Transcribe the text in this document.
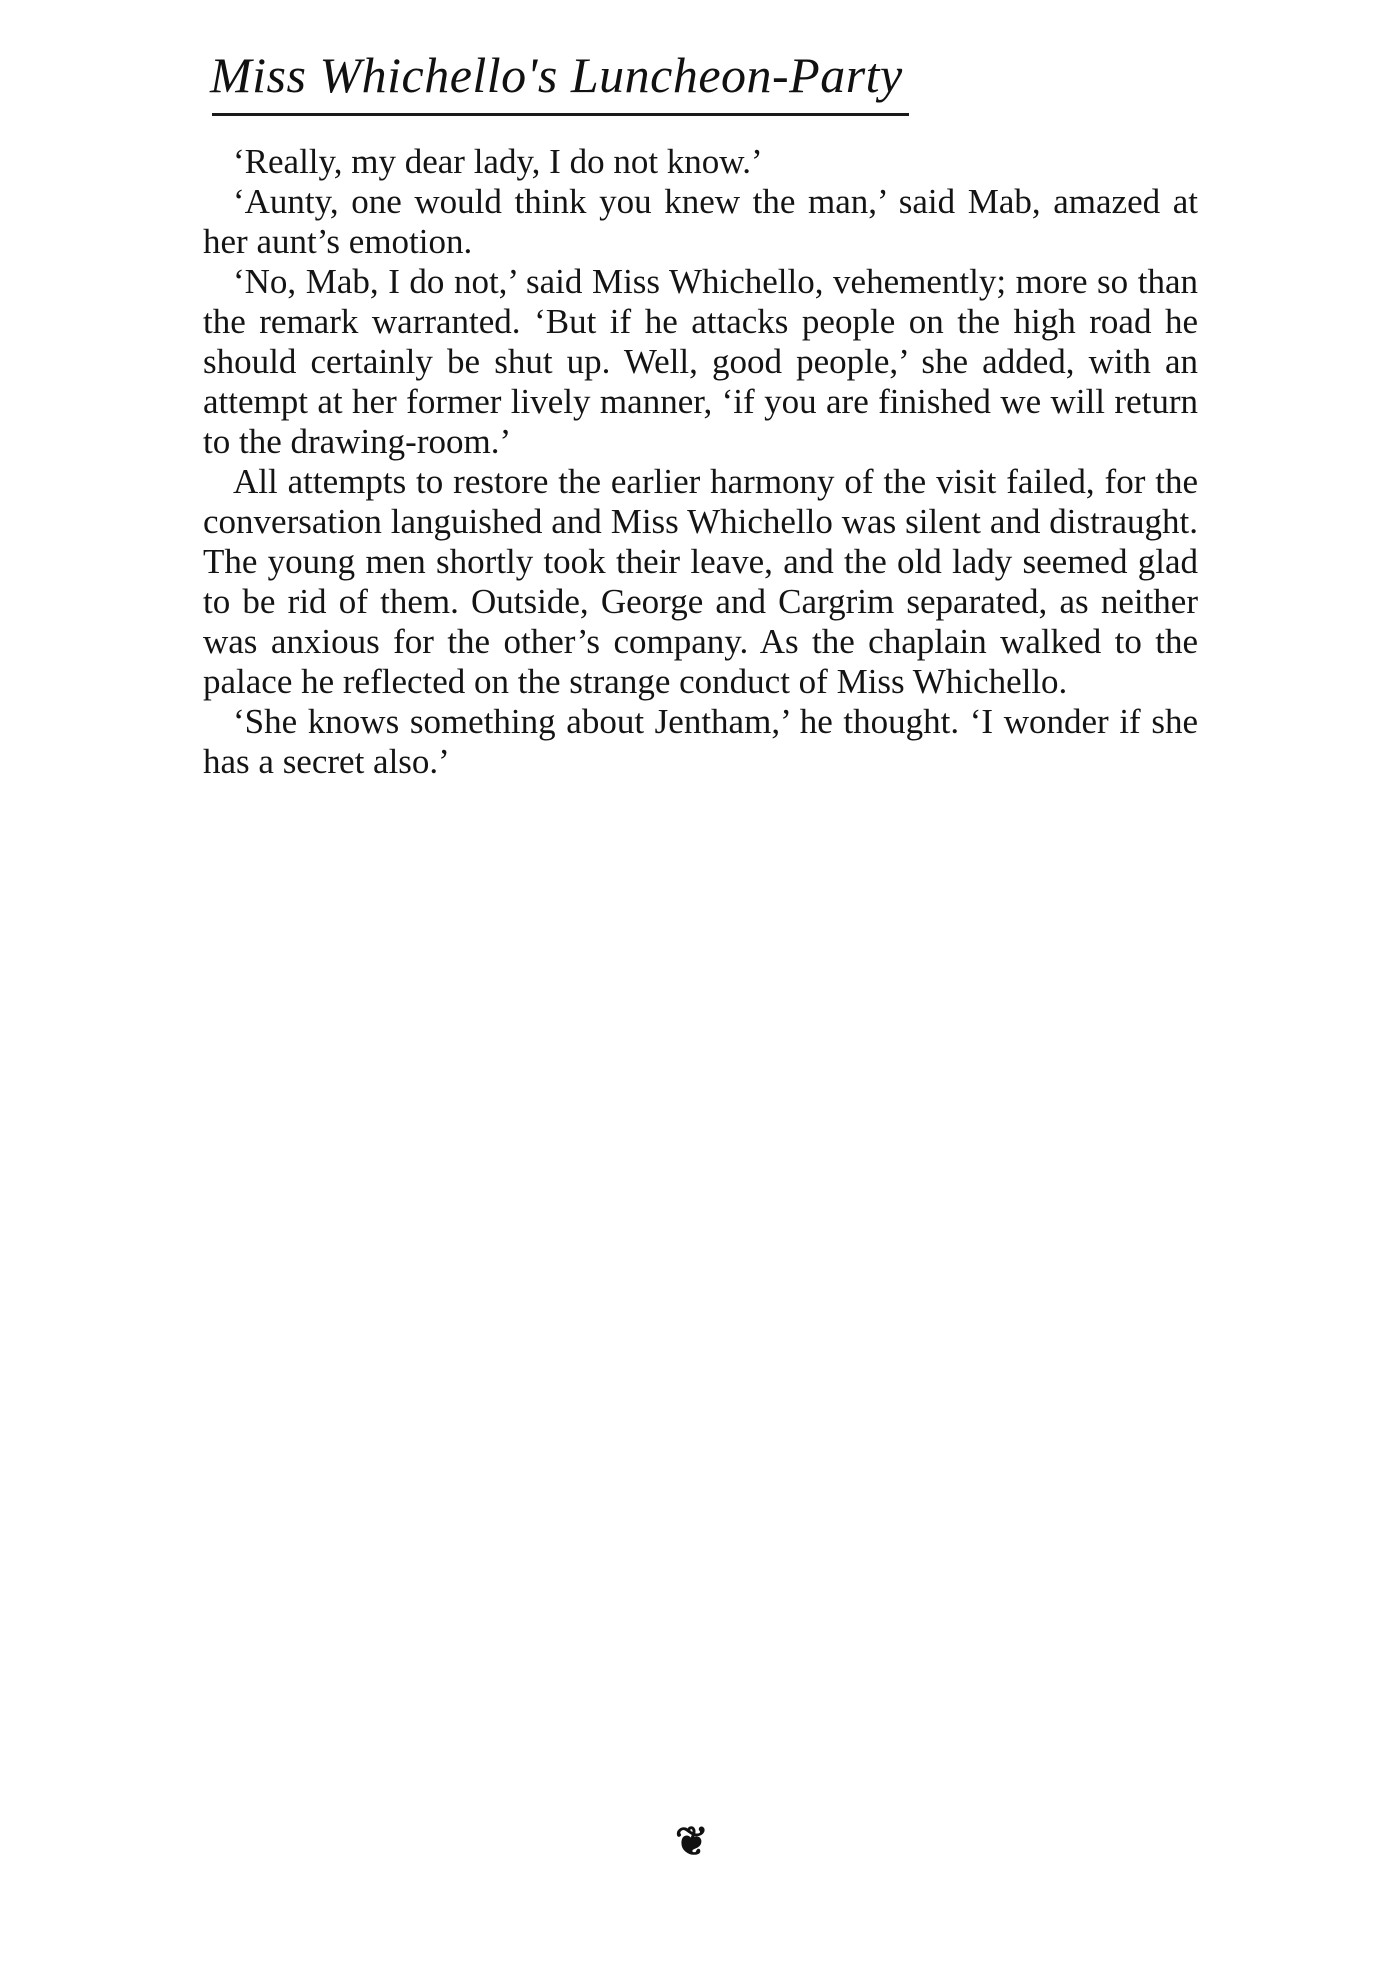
Miss Whichello's Luncheon-Party

‘Really, my dear lady, I do not know.’

‘Aunty, one would think you knew the man,’ said Mab, amazed at her aunt’s emotion.

‘No, Mab, I do not,’ said Miss Whichello, vehemently; more so than the remark warranted. ‘But if he attacks people on the high road he should certainly be shut up. Well, good people,’ she added, with an attempt at her former lively manner, ‘if you are finished we will return to the drawing-room.’

All attempts to restore the earlier harmony of the visit failed, for the conversation languished and Miss Whichello was silent and distraught. The young men shortly took their leave, and the old lady seemed glad to be rid of them. Outside, George and Cargrim separated, as neither was anxious for the other’s company. As the chaplain walked to the palace he reflected on the strange conduct of Miss Whichello.

‘She knows something about Jentham,’ he thought. ‘I wonder if she has a secret also.’

❦
